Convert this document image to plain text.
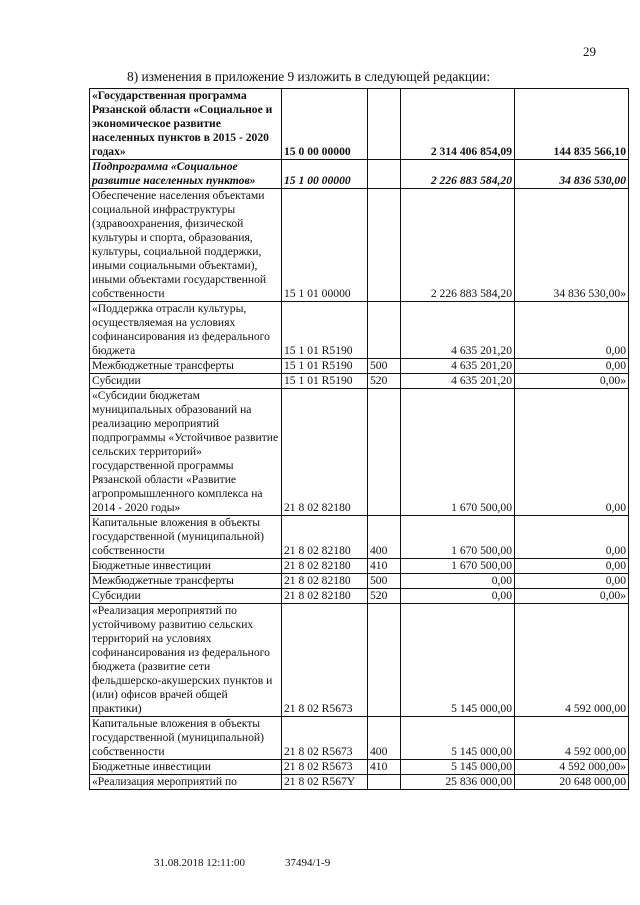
29
8) изменения в приложение 9 изложить в следующей редакции:
«Государственная программа Рязанской области «Социальное и экономическое развитие населенных пунктов в 2015 - 2020 годах»	15 0 00 00000		2 314 406 854,09	144 835 566,10
Подпрограмма «Социальное развитие населенных пунктов»	15 1 00 00000		2 226 883 584,20	34 836 530,00
Обеспечение населения объектами социальной инфраструктуры (здравоохранения, физической культуры и спорта, образования, культуры, социальной поддержки, иными социальными объектами), иными объектами государственной собственности	15 1 01 00000		2 226 883 584,20	34 836 530,00»
«Поддержка отрасли культуры, осуществляемая на условиях софинансирования из федерального бюджета	15 1 01 R5190		4 635 201,20	0,00
Межбюджетные трансферты	15 1 01 R5190	500	4 635 201,20	0,00
Субсидии	15 1 01 R5190	520	4 635 201,20	0,00»
«Субсидии бюджетам муниципальных образований на реализацию мероприятий подпрограммы «Устойчивое развитие сельских территорий» государственной программы Рязанской области «Развитие агропромышленного комплекса на 2014 - 2020 годы»	21 8 02 82180		1 670 500,00	0,00
Капитальные вложения в объекты государственной (муниципальной) собственности	21 8 02 82180	400	1 670 500,00	0,00
Бюджетные инвестиции	21 8 02 82180	410	1 670 500,00	0,00
Межбюджетные трансферты	21 8 02 82180	500	0,00	0,00
Субсидии	21 8 02 82180	520	0,00	0,00»
«Реализация мероприятий по устойчивому развитию сельских территорий на условиях софинансирования из федерального бюджета (развитие сети фельдшерско-акушерских пунктов и (или) офисов врачей общей практики)	21 8 02 R5673		5 145 000,00	4 592 000,00
Капитальные вложения в объекты государственной (муниципальной) собственности	21 8 02 R5673	400	5 145 000,00	4 592 000,00
Бюджетные инвестиции	21 8 02 R5673	410	5 145 000,00	4 592 000,00»
«Реализация мероприятий по	21 8 02 R567Y		25 836 000,00	20 648 000,00
31.08.2018 12:11:00	37494/1-9
